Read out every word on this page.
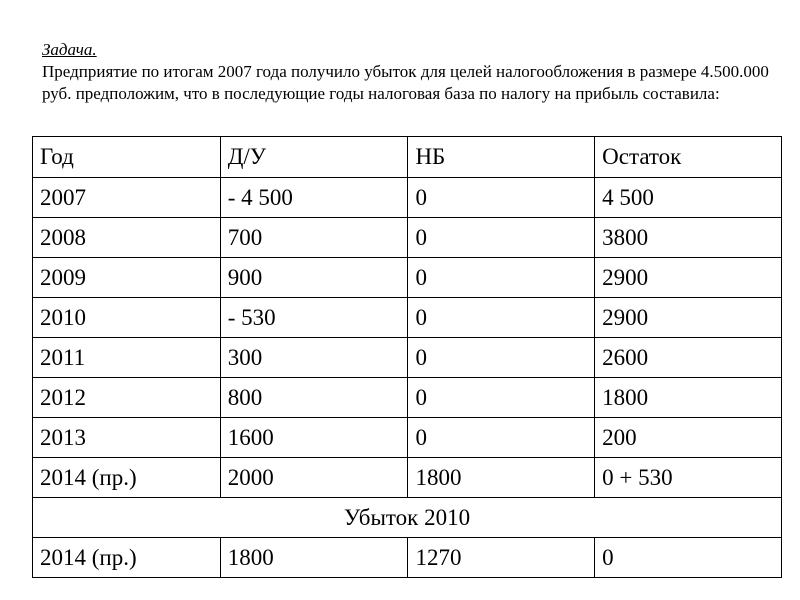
Задача.

Предприятие по итогам 2007 года получило убыток для целей налогообложения в размере 4.500.000 руб. предположим, что в последующие годы налоговая база по налогу на прибыль составила:

Год	Д/У	НБ	Остаток
2007	- 4 500	0	4 500
2008	700	0	3800
2009	900	0	2900
2010	- 530	0	2900
2011	300	0	2600
2012	800	0	1800
2013	1600	0	200
2014 (пр.)	2000	1800	0 + 530
Убыток 2010			
2014 (пр.)	1800	1270	0
